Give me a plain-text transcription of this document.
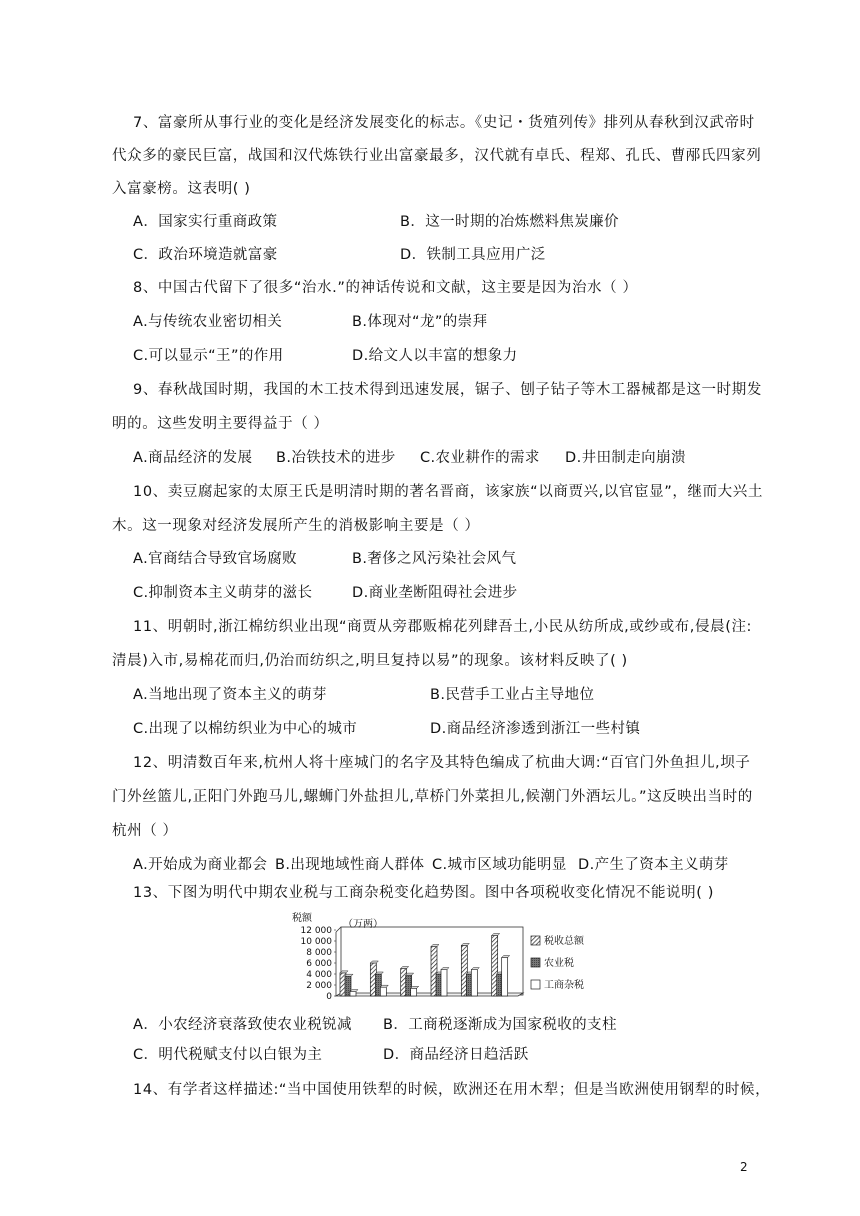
7、富豪所从事行业的变化是经济发展变化的标志。《史记・货殖列传》排列从春秋到汉武帝时
代众多的豪民巨富，战国和汉代炼铁行业出富豪最多，汉代就有卓氏、程郑、孔氏、曹邴氏四家列
入富豪榜。这表明( )
A．国家实行重商政策	B．这一时期的冶炼燃料焦炭廉价
C．政治环境造就富豪	D．铁制工具应用广泛
8、中国古代留下了很多“治水.”的神话传说和文献，这主要是因为治水（ ）
A.与传统农业密切相关	B.体现对“龙”的崇拜
C.可以显示“王”的作用	D.给文人以丰富的想象力
9、春秋战国时期，我国的木工技术得到迅速发展，锯子、刨子钻子等木工器械都是这一时期发
明的。这些发明主要得益于（ ）
A.商品经济的发展 B.冶铁技术的进步 C.农业耕作的需求 D.井田制走向崩溃
10、卖豆腐起家的太原王氏是明清时期的著名晋商，该家族“以商贾兴,以官宦显”，继而大兴土
木。这一现象对经济发展所产生的消极影响主要是（ ）
A.官商结合导致官场腐败	B.奢侈之风污染社会风气
C.抑制资本主义萌芽的滋长	D.商业垄断阻碍社会进步
11、明朝时,浙江棉纺织业出现“商贾从旁郡贩棉花列肆吾土,小民从纺所成,或纱或布,侵晨(注:
清晨)入市,易棉花而归,仍治而纺织之,明旦复持以易”的现象。该材料反映了( )
A.当地出现了资本主义的萌芽	B.民营手工业占主导地位
C.出现了以棉纺织业为中心的城市	D.商品经济渗透到浙江一些村镇
12、明清数百年来,杭州人将十座城门的名字及其特色编成了杭曲大调:“百官门外鱼担儿,坝子
门外丝篮儿,正阳门外跑马儿,螺蛳门外盐担儿,草桥门外菜担儿,候潮门外酒坛儿。”这反映出当时的
杭州（ ）
A.开始成为商业都会 B.出现地域性商人群体 C.城市区域功能明显 D.产生了资本主义萌芽
13、下图为明代中期农业税与工商杂税变化趋势图。图中各项税收变化情况不能说明( )
税额
（万两）
12 000
10 000
8 000
6 000
4 000
2 000
0
税收总额
农业税
工商杂税
A．小农经济衰落致使农业税锐减 B．工商税逐渐成为国家税收的支柱
C．明代税赋支付以白银为主	D．商品经济日趋活跃
14、有学者这样描述:“当中国使用铁犁的时候，欧洲还在用木犁；但是当欧洲使用钢犁的时候，
2
